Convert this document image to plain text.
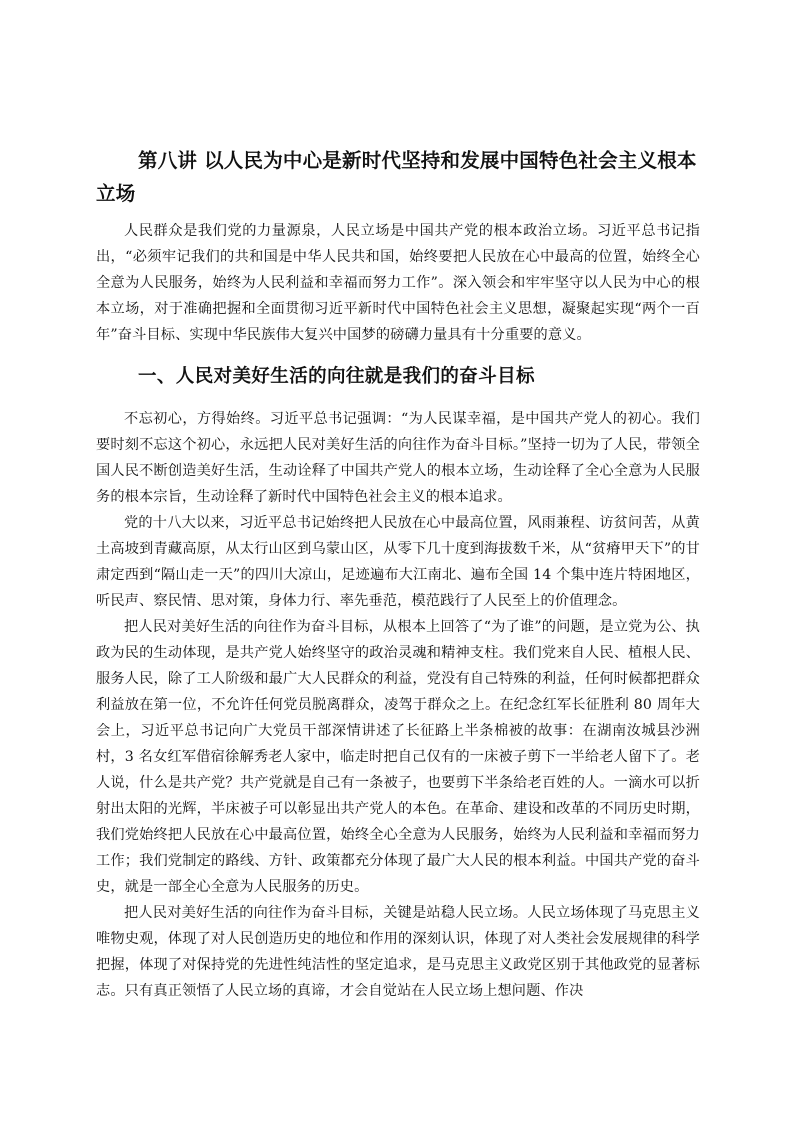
第八讲 以人民为中心是新时代坚持和发展中国特色社会主义根本立场

人民群众是我们党的力量源泉，人民立场是中国共产党的根本政治立场。习近平总书记指出，“必须牢记我们的共和国是中华人民共和国，始终要把人民放在心中最高的位置，始终全心全意为人民服务，始终为人民利益和幸福而努力工作”。深入领会和牢牢坚守以人民为中心的根本立场，对于准确把握和全面贯彻习近平新时代中国特色社会主义思想，凝聚起实现“两个一百年”奋斗目标、实现中华民族伟大复兴中国梦的磅礴力量具有十分重要的意义。

一、人民对美好生活的向往就是我们的奋斗目标

不忘初心，方得始终。习近平总书记强调：“为人民谋幸福，是中国共产党人的初心。我们要时刻不忘这个初心，永远把人民对美好生活的向往作为奋斗目标。”坚持一切为了人民，带领全国人民不断创造美好生活，生动诠释了中国共产党人的根本立场，生动诠释了全心全意为人民服务的根本宗旨，生动诠释了新时代中国特色社会主义的根本追求。

党的十八大以来，习近平总书记始终把人民放在心中最高位置，风雨兼程、访贫问苦，从黄土高坡到青藏高原，从太行山区到乌蒙山区，从零下几十度到海拔数千米，从“贫瘠甲天下”的甘肃定西到“隔山走一天”的四川大凉山，足迹遍布大江南北、遍布全国 14 个集中连片特困地区，听民声、察民情、思对策，身体力行、率先垂范，模范践行了人民至上的价值理念。

把人民对美好生活的向往作为奋斗目标，从根本上回答了“为了谁”的问题，是立党为公、执政为民的生动体现，是共产党人始终坚守的政治灵魂和精神支柱。我们党来自人民、植根人民、服务人民，除了工人阶级和最广大人民群众的利益，党没有自己特殊的利益，任何时候都把群众利益放在第一位，不允许任何党员脱离群众，凌驾于群众之上。在纪念红军长征胜利 80 周年大会上，习近平总书记向广大党员干部深情讲述了长征路上半条棉被的故事：在湖南汝城县沙洲村，3 名女红军借宿徐解秀老人家中，临走时把自己仅有的一床被子剪下一半给老人留下了。老人说，什么是共产党？共产党就是自己有一条被子，也要剪下半条给老百姓的人。一滴水可以折射出太阳的光辉，半床被子可以彰显出共产党人的本色。在革命、建设和改革的不同历史时期，我们党始终把人民放在心中最高位置，始终全心全意为人民服务，始终为人民利益和幸福而努力工作；我们党制定的路线、方针、政策都充分体现了最广大人民的根本利益。中国共产党的奋斗史，就是一部全心全意为人民服务的历史。

把人民对美好生活的向往作为奋斗目标，关键是站稳人民立场。人民立场体现了马克思主义唯物史观，体现了对人民创造历史的地位和作用的深刻认识，体现了对人类社会发展规律的科学把握，体现了对保持党的先进性纯洁性的坚定追求，是马克思主义政党区别于其他政党的显著标志。只有真正领悟了人民立场的真谛，才会自觉站在人民立场上想问题、作决
